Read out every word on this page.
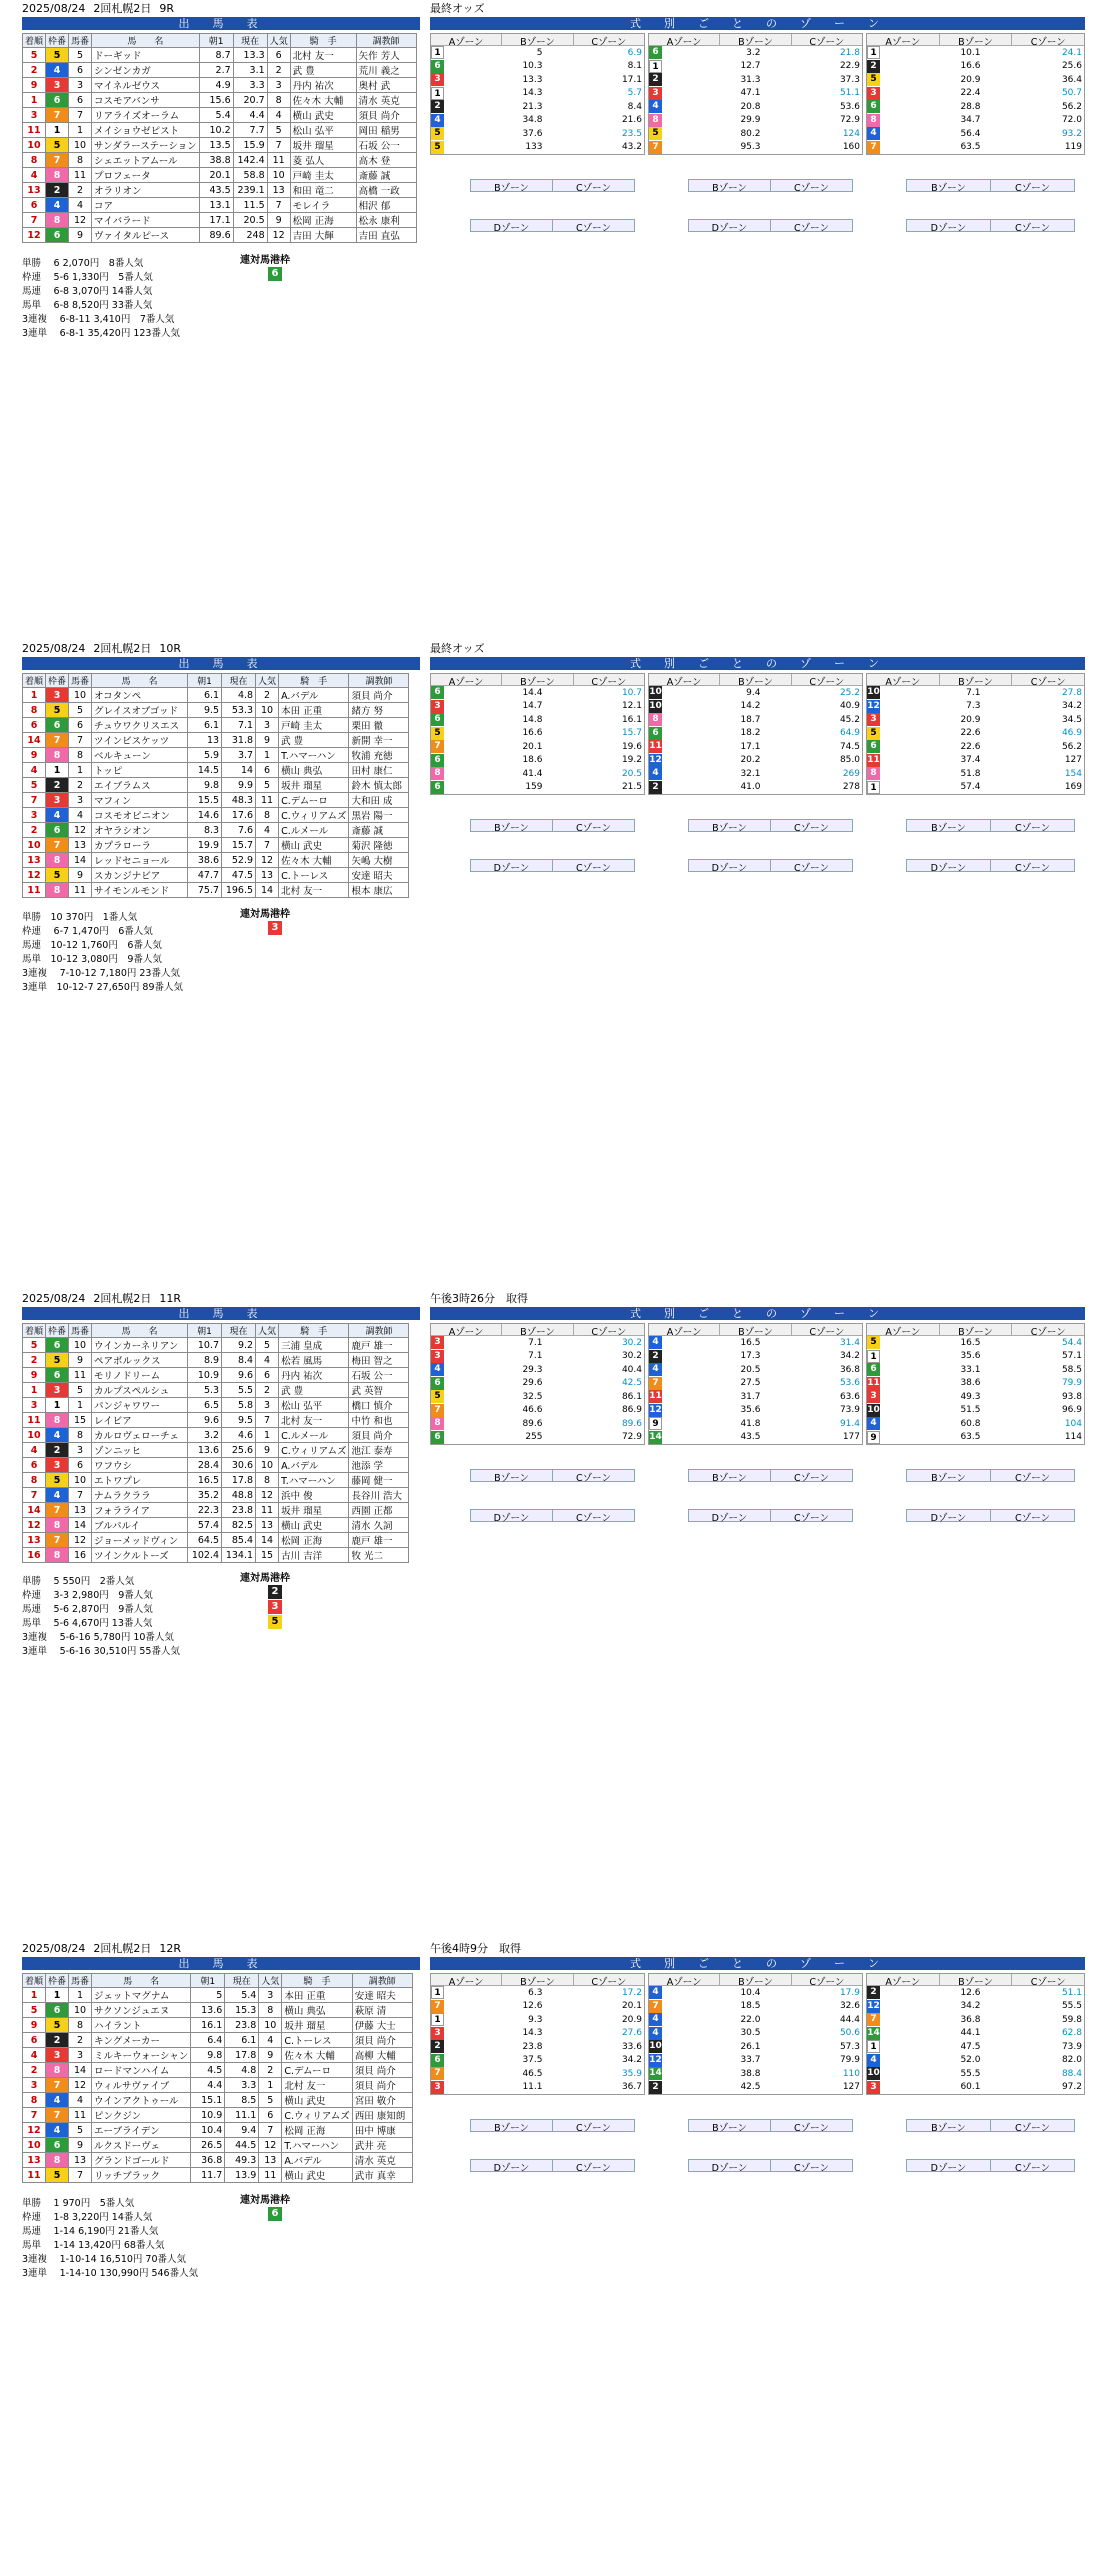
2025/08/24 2回札幌2日 9R	最終オッズ
出　馬　表	式　別　ご　と　の　ゾ　ー　ン
着順	枠番	馬番	馬　　名	朝1	現在	人気	騎　手	調教師
5	5	5	ドーギッド	8.7	13.3	6	北村 友一	矢作 芳人
2	4	6	シンゼンカガ	2.7	3.1	2	武 豊	荒川 義之
9	3	3	マイネルゼウス	4.9	3.3	3	丹内 祐次	奥村 武
1	6	6	コスモアバンサ	15.6	20.7	8	佐々木 大輔	清水 英克
3	7	7	リアライズオーラム	5.4	4.4	4	横山 武史	須貝 尚介
11	1	1	メイショウゼピスト	10.2	7.7	5	松山 弘平	岡田 稲男
10	5	10	サンダラーステーション	13.5	15.9	7	坂井 瑠星	石坂 公一
8	7	8	シェエットアムール	38.8	142.4	11	菱 弘人	高木 登
4	8	11	プロフェータ	20.1	58.8	10	戸崎 圭太	斎藤 誠
13	2	2	オラリオン	43.5	239.1	13	和田 竜二	高橋 一政
6	4	4	コア	13.1	11.5	7	モレイラ	相沢 郁
7	8	12	マイバラード	17.1	20.5	9	松岡 正海	松永 康利
12	6	9	ヴァイタルピース	89.6	248	12	吉田 大輝	吉田 直弘
単勝　 6 2,070円　8番人気
枠連　 5-6 1,330円　5番人気
馬連　 6-8 3,070円 14番人気
馬単　 6-8 8,520円 33番人気
3連複　 6-8-11 3,410円　7番人気
3連単　 6-8-1 35,420円 123番人気
連対馬港枠
6
Aゾーン	Bゾーン	Cゾーン
1	5	6.9
6	10.3	8.1
3	13.3	17.1
1	14.3	5.7
2	21.3	8.4
4	34.8	21.6
5	37.6	23.5
5	133	43.2
Bゾーン	Cゾーン
Dゾーン	Cゾーン
Aゾーン	Bゾーン	Cゾーン
6	3.2	21.8
1	12.7	22.9
2	31.3	37.3
3	47.1	51.1
4	20.8	53.6
8	29.9	72.9
5	80.2	124
7	95.3	160
Bゾーン	Cゾーン
Dゾーン	Cゾーン
Aゾーン	Bゾーン	Cゾーン
1	10.1	24.1
2	16.6	25.6
5	20.9	36.4
3	22.4	50.7
6	28.8	56.2
8	34.7	72.0
4	56.4	93.2
7	63.5	119
Bゾーン	Cゾーン
Dゾーン	Cゾーン
2025/08/24 2回札幌2日 10R	最終オッズ
出　馬　表	式　別　ご　と　の　ゾ　ー　ン
着順	枠番	馬番	馬　　名	朝1	現在	人気	騎　手	調教師
1	3	10	オコタンペ	6.1	4.8	2	A.バデル	須貝 尚介
8	5	5	グレイスオブゴッド	9.5	53.3	10	本田 正重	緒方 努
6	6	6	チュウワクリスエス	6.1	7.1	3	戸崎 圭太	栗田 徹
14	7	7	ツインビスケッツ	13	31.8	9	武 豊	新開 幸一
9	8	8	ベルキューン	5.9	3.7	1	T.ハマーハン	牧浦 充徳
4	1	1	トッピ	14.5	14	6	横山 典弘	田村 康仁
5	2	2	エイブラムス	9.8	9.9	5	坂井 瑠星	鈴木 慎太郎
7	3	3	マフィン	15.5	48.3	11	C.デムーロ	大和田 成
3	4	4	コスモオピニオン	14.6	17.6	8	C.ウィリアムズ	黒岩 陽一
2	6	12	オヤラシオン	8.3	7.6	4	C.ルメール	斎藤 誠
10	7	13	カプラローラ	19.9	15.7	7	横山 武史	菊沢 隆徳
13	8	14	レッドセニョール	38.6	52.9	12	佐々木 大輔	矢嶋 大樹
12	5	9	スカンジナビア	47.7	47.5	13	C.トーレス	安達 昭夫
11	8	11	サイモンルモンド	75.7	196.5	14	北村 友一	根本 康広
単勝　10 370円　1番人気
枠連　 6-7 1,470円　6番人気
馬連　10-12 1,760円　6番人気
馬単　10-12 3,080円　9番人気
3連複　 7-10-12 7,180円 23番人気
3連単　10-12-7 27,650円 89番人気
連対馬港枠
3
Aゾーン	Bゾーン	Cゾーン
6	14.4	10.7
3	14.7	12.1
6	14.8	16.1
5	16.6	15.7
7	20.1	19.6
6	18.6	19.2
8	41.4	20.5
6	159	21.5
Bゾーン	Cゾーン
Dゾーン	Cゾーン
Aゾーン	Bゾーン	Cゾーン
10	9.4	25.2
10	14.2	40.9
8	18.7	45.2
6	18.2	64.9
11	17.1	74.5
12	20.2	85.0
4	32.1	269
2	41.0	278
Bゾーン	Cゾーン
Dゾーン	Cゾーン
Aゾーン	Bゾーン	Cゾーン
10	7.1	27.8
12	7.3	34.2
3	20.9	34.5
5	22.6	46.9
6	22.6	56.2
11	37.4	127
8	51.8	154
1	57.4	169
Bゾーン	Cゾーン
Dゾーン	Cゾーン
2025/08/24 2回札幌2日 11R	午後3時26分　取得
出　馬　表	式　別　ご　と　の　ゾ　ー　ン
着順	枠番	馬番	馬　　名	朝1	現在	人気	騎　手	調教師
5	6	10	ウインカーネリアン	10.7	9.2	5	三浦 皇成	鹿戸 雄一
2	5	9	ペアボルックス	8.9	8.4	4	松若 風馬	梅田 智之
9	6	11	モリノドリーム	10.9	9.6	6	丹内 祐次	石坂 公一
1	3	5	カルプスペルシュ	5.3	5.5	2	武 豊	武 英智
3	1	1	パンジャワワー	6.5	5.8	3	松山 弘平	橋口 慎介
11	8	15	レイビア	9.6	9.5	7	北村 友一	中竹 和也
10	4	8	カルロヴェローチェ	3.2	4.6	1	C.ルメール	須貝 尚介
4	2	3	ゾンニッヒ	13.6	25.6	9	C.ウィリアムズ	池江 泰寿
6	3	6	ワフウシ	28.4	30.6	10	A.バデル	池添 学
8	5	10	エトワプレ	16.5	17.8	8	T.ハマーハン	藤岡 健一
7	4	7	ナムラクララ	35.2	48.8	12	浜中 俊	長谷川 浩大
14	7	13	フォラライア	22.3	23.8	11	坂井 瑠星	西園 正都
12	8	14	ブルパルイ	57.4	82.5	13	横山 武史	清水 久詞
13	7	12	ジョーメッドヴィン	64.5	85.4	14	松岡 正海	鹿戸 雄一
16	8	16	ツインクルトーズ	102.4	134.1	15	古川 吉洋	牧 光二
単勝　 5 550円　2番人気
枠連　 3-3 2,980円　9番人気
馬連　 5-6 2,870円　9番人気
馬単　 5-6 4,670円 13番人気
3連複　 5-6-16 5,780円 10番人気
3連単　 5-6-16 30,510円 55番人気
連対馬港枠
2
3
5
Aゾーン	Bゾーン	Cゾーン
3	7.1	30.2
3	7.1	30.2
4	29.3	40.4
6	29.6	42.5
5	32.5	86.1
7	46.6	86.9
8	89.6	89.6
6	255	72.9
Bゾーン	Cゾーン
Dゾーン	Cゾーン
Aゾーン	Bゾーン	Cゾーン
4	16.5	31.4
2	17.3	34.2
4	20.5	36.8
7	27.5	53.6
11	31.7	63.6
12	35.6	73.9
9	41.8	91.4
14	43.5	177
Bゾーン	Cゾーン
Dゾーン	Cゾーン
Aゾーン	Bゾーン	Cゾーン
5	16.5	54.4
1	35.6	57.1
6	33.1	58.5
11	38.6	79.9
3	49.3	93.8
10	51.5	96.9
4	60.8	104
9	63.5	114
Bゾーン	Cゾーン
Dゾーン	Cゾーン
2025/08/24 2回札幌2日 12R	午後4時9分　取得
出　馬　表	式　別　ご　と　の　ゾ　ー　ン
着順	枠番	馬番	馬　　名	朝1	現在	人気	騎　手	調教師
1	1	1	ジェットマグナム	5	5.4	3	本田 正重	安達 昭夫
5	6	10	サクソンジュエヌ	13.6	15.3	8	横山 典弘	萩原 清
9	5	8	ハイラント	16.1	23.8	10	坂井 瑠星	伊藤 大士
6	2	2	キングメーカー	6.4	6.1	4	C.トーレス	須貝 尚介
4	3	3	ミルキーウォーシャン	9.8	17.8	9	佐々木 大輔	高柳 大輔
2	8	14	ロードマンハイム	4.5	4.8	2	C.デムーロ	須貝 尚介
3	7	12	ウィルサヴァイブ	4.4	3.3	1	北村 友一	須貝 尚介
8	4	4	ウインアクトゥール	15.1	8.5	5	横山 武史	宮田 敬介
7	7	11	ピンクジン	10.9	11.1	6	C.ウィリアムズ	西田 康知朗
12	4	5	エーブライデン	10.4	9.4	7	松岡 正海	田中 博康
10	6	9	ルクスドーヴェ	26.5	44.5	12	T.ハマーハン	武井 亮
13	8	13	グランドゴールド	36.8	49.3	13	A.バデル	清水 英克
11	5	7	リッチブラック	11.7	13.9	11	横山 武史	武市 真幸
単勝　 1 970円　5番人気
枠連　 1-8 3,220円 14番人気
馬連　 1-14 6,190円 21番人気
馬単　 1-14 13,420円 68番人気
3連複　 1-10-14 16,510円 70番人気
3連単　 1-14-10 130,990円 546番人気
連対馬港枠
6
Aゾーン	Bゾーン	Cゾーン
1	6.3	17.2
7	12.6	20.1
1	9.3	20.9
3	14.3	27.6
2	23.8	33.6
6	37.5	34.2
7	46.5	35.9
3	11.1	36.7
Bゾーン	Cゾーン
Dゾーン	Cゾーン
Aゾーン	Bゾーン	Cゾーン
4	10.4	17.9
7	18.5	32.6
4	22.0	44.4
4	30.5	50.6
10	26.1	57.3
12	33.7	79.9
14	38.8	110
2	42.5	127
Bゾーン	Cゾーン
Dゾーン	Cゾーン
Aゾーン	Bゾーン	Cゾーン
2	12.6	51.1
12	34.2	55.5
7	36.8	59.8
14	44.1	62.8
1	47.5	73.9
4	52.0	82.0
10	55.5	88.4
3	60.1	97.2
Bゾーン	Cゾーン
Dゾーン	Cゾーン
